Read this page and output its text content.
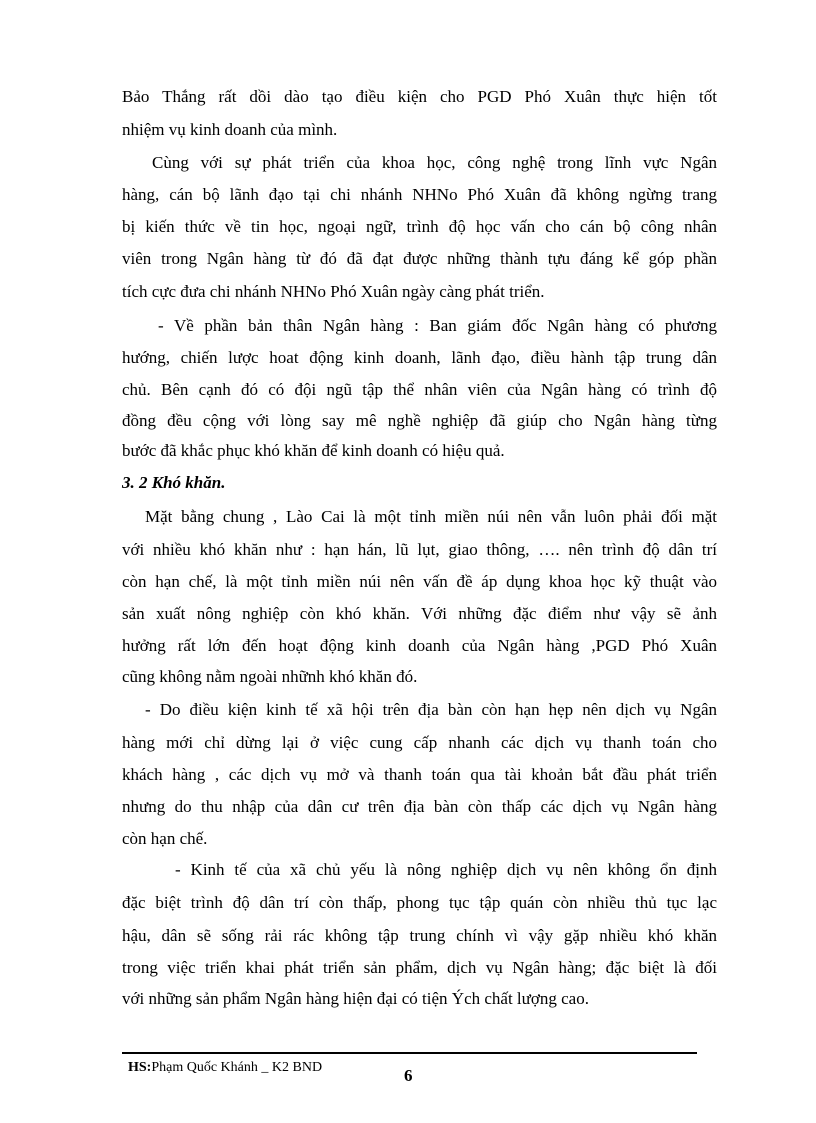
Bảo Thắng rất dồi dào tạo điều kiện cho PGD Phó Xuân thực hiện tốt
nhiệm vụ kinh doanh của mình.
Cùng với sự phát triển của khoa học, công nghệ trong lĩnh vực Ngân
hàng, cán bộ lãnh đạo tại chi nhánh NHNo Phó Xuân đã không ngừng trang
bị kiến thức về tin học, ngoại ngữ, trình độ học vấn cho cán bộ công nhân
viên trong Ngân hàng từ đó đã đạt được những thành tựu đáng kể góp phần
tích cực đưa chi nhánh NHNo Phó Xuân ngày càng phát triển.
- Về phần bản thân Ngân hàng : Ban giám đốc Ngân hàng có phương
hướng, chiến lược hoat động kinh doanh, lãnh đạo, điều hành tập trung dân
chủ. Bên cạnh đó có đội ngũ tập thể nhân viên của Ngân hàng có trình độ
đồng đều cộng với lòng say mê nghề nghiệp đã giúp cho Ngân hàng từng
bước đã khắc phục khó khăn để kinh doanh có hiệu quả.
3. 2 Khó khăn.
Mặt bằng chung , Lào Cai là một tỉnh miền núi nên vẫn luôn phải đối mặt
với nhiều khó khăn như : hạn hán, lũ lụt, giao thông, …. nên trình độ dân trí
còn hạn chế, là một tỉnh miền núi nên vấn đề áp dụng khoa học kỹ thuật vào
sản xuất nông nghiệp còn khó khăn. Với những đặc điểm như vậy sẽ ảnh
hưởng rất lớn đến hoạt động kinh doanh của Ngân hàng ,PGD Phó Xuân
cũng không nằm ngoài nhữnh khó khăn đó.
- Do điều kiện kinh tế xã hội trên địa bàn còn hạn hẹp nên dịch vụ Ngân
hàng mới chỉ dừng lại ở việc cung cấp nhanh các dịch vụ thanh toán cho
khách hàng , các dịch vụ mở và thanh toán qua tài khoản bắt đầu phát triển
nhưng do thu nhập của dân cư trên địa bàn còn thấp các dịch vụ Ngân hàng
còn hạn chế.
- Kinh tế của xã chủ yếu là nông nghiệp dịch vụ nên không ổn định
đặc biệt trình độ dân trí còn thấp, phong tục tập quán còn nhiều thủ tục lạc
hậu, dân sẽ sống rải rác không tập trung chính vì vậy gặp nhiều khó khăn
trong việc triển khai phát triển sản phẩm, dịch vụ Ngân hàng; đặc biệt là đối
với những sản phẩm Ngân hàng hiện đại có tiện Ých chất lượng cao.
HS:Phạm Quốc Khánh _ K2 BND	6
